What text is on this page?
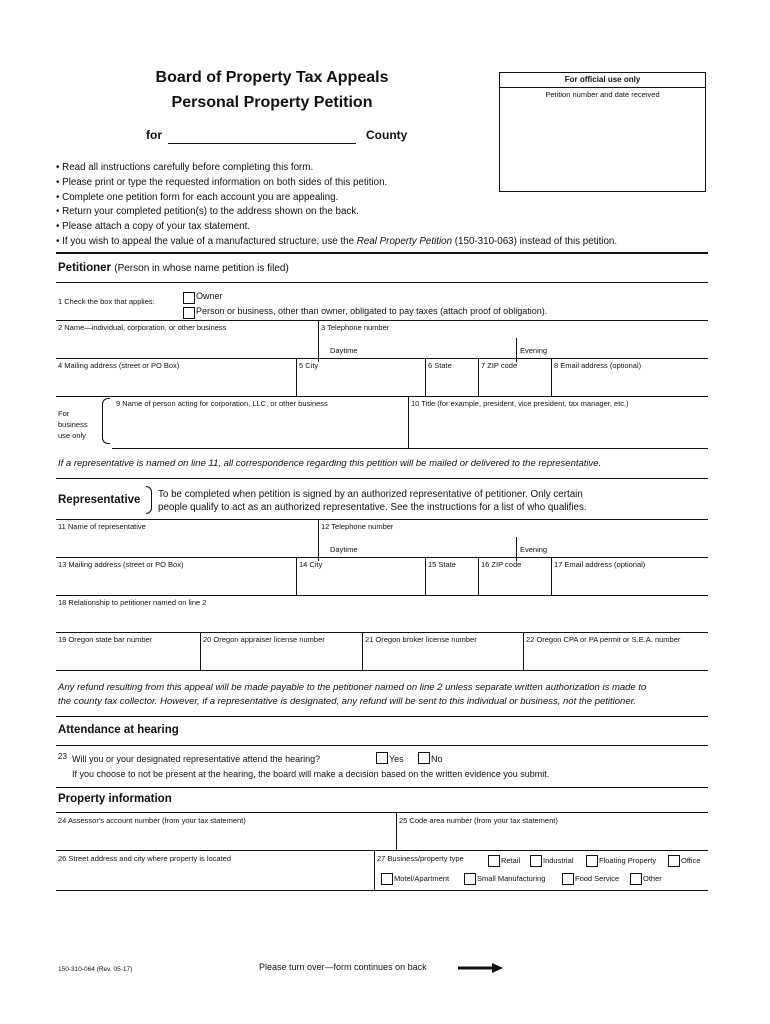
Board of Property Tax Appeals
Personal Property Petition
for	County
For official use only
Petition number and date received
• Read all instructions carefully before completing this form.
• Please print or type the requested information on both sides of this petition.
• Complete one petition form for each account you are appealing.
• Return your completed petition(s) to the address shown on the back.
• Please attach a copy of your tax statement.
• If you wish to appeal the value of a manufactured structure, use the Real Property Petition (150-310-063) instead of this petition.
Petitioner (Person in whose name petition is filed)
1 Check the box that applies:
Owner
Person or business, other than owner, obligated to pay taxes (attach proof of obligation).
2 Name—individual, corporation, or other business	3 Telephone number
Daytime	Evening
4 Mailing address (street or PO Box)	5 City	6 State	7 ZIP code	8 Email address (optional)
For
business
use only
9 Name of person acting for corporation, LLC, or other business	10 Title (for example, president, vice president, tax manager, etc.)
If a representative is named on line 11, all correspondence regarding this petition will be mailed or delivered to the representative.
Representative To be completed when petition is signed by an authorized representative of petitioner. Only certain
people qualify to act as an authorized representative. See the instructions for a list of who qualifies.
11 Name of representative	12 Telephone number
Daytime	Evening
13 Mailing address (street or PO Box)	14 City	15 State	16 ZIP code	17 Email address (optional)
18 Relationship to petitioner named on line 2
19 Oregon state bar number	20 Oregon appraiser license number	21 Oregon broker license number	22 Oregon CPA or PA permit or S.E.A. number
Any refund resulting from this appeal will be made payable to the petitioner named on line 2 unless separate written authorization is made to
the county tax collector. However, if a representative is designated, any refund will be sent to this individual or business, not the petitioner.
Attendance at hearing
23 Will you or your designated representative attend the hearing?	Yes	No
If you choose to not be present at the hearing, the board will make a decision based on the written evidence you submit.
Property information
24 Assessor's account number (from your tax statement)	25 Code area number (from your tax statement)
26 Street address and city where property is located	27 Business/property type	Retail	Industrial	Floating Property	Office
Motel/Apartment	Small Manufacturing	Food Service	Other
150-310-064 (Rev. 05-17)	Please turn over—form continues on back
